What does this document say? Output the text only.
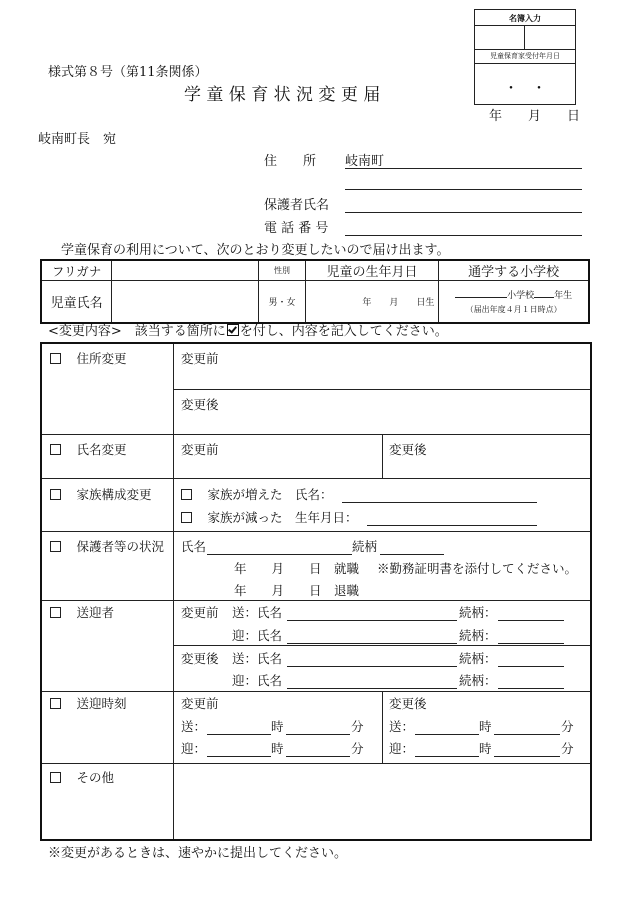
名簿入力
児童保育家受付年月日
・　・
年　　月　　日
様式第８号（第11条関係）
学 童 保 育 状 況 変 更 届
岐南町長　宛
住　　所 岐南町
保護者氏名
電 話 番 号
学童保育の利用について、次のとおり変更したいので届け出ます。
フリガナ		性別	児童の生年月日	通学する小学校
児童氏名		男・女	年　　月　　日生	小学校 年生
（届出年度４月１日時点）
<変更内容>　該当する箇所に を付し、内容を記入してください。
　住所変更	変更前
変更後
　氏名変更	変更前	変更後
　家族構成変更
　	家族が増えた　氏名：
　家族が減った　生年月日：
　保護者等の状況 氏名	続柄
年　　月　　日　就職 ※勤務証明書を添付してください。
年　　月　　日　退職
　送迎者	変更前 送：氏名	続柄：
迎：氏名	続柄：
変更後 送：氏名	続柄：
迎：氏名	続柄：
　送迎時刻	変更前
送：	時	分
迎：	時	分
変更後
送：	時	分
迎：	時	分
　その他
※変更があるときは、速やかに提出してください。
